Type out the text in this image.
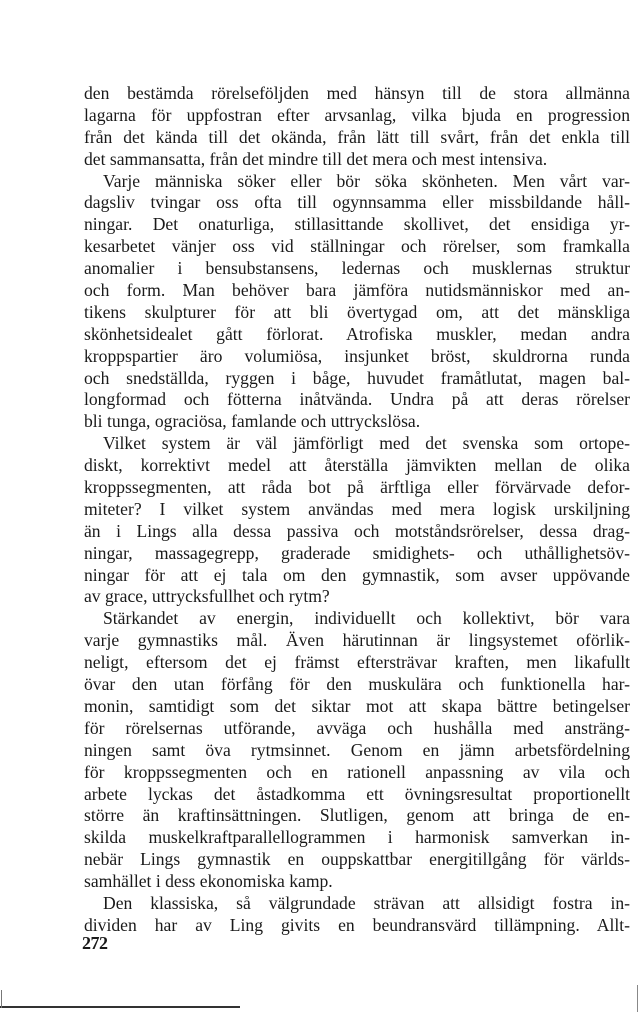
den bestämda rörelseföljden med hänsyn till de stora allmänna
lagarna för uppfostran efter arvsanlag, vilka bjuda en progression
från det kända till det okända, från lätt till svårt, från det enkla till
det sammansatta, från det mindre till det mera och mest intensiva.
Varje människa söker eller bör söka skönheten. Men vårt var-
dagsliv tvingar oss ofta till ogynnsamma eller missbildande håll-
ningar. Det onaturliga, stillasittande skollivet, det ensidiga yr-
kesarbetet vänjer oss vid ställningar och rörelser, som framkalla
anomalier i bensubstansens, ledernas och musklernas struktur
och form. Man behöver bara jämföra nutidsmänniskor med an-
tikens skulpturer för att bli övertygad om, att det mänskliga
skönhetsidealet gått förlorat. Atrofiska muskler, medan andra
kroppspartier äro volumiösa, insjunket bröst, skuldrorna runda
och snedställda, ryggen i båge, huvudet framåtlutat, magen bal-
longformad och fötterna inåtvända. Undra på att deras rörelser
bli tunga, ograciösa, famlande och uttryckslösa.
Vilket system är väl jämförligt med det svenska som ortope-
diskt, korrektivt medel att återställa jämvikten mellan de olika
kroppssegmenten, att råda bot på ärftliga eller förvärvade defor-
miteter? I vilket system användas med mera logisk urskiljning
än i Lings alla dessa passiva och motståndsrörelser, dessa drag-
ningar, massagegrepp, graderade smidighets- och uthållighetsöv-
ningar för att ej tala om den gymnastik, som avser uppövande
av grace, uttrycksfullhet och rytm?
Stärkandet av energin, individuellt och kollektivt, bör vara
varje gymnastiks mål. Även härutinnan är lingsystemet oförlik-
neligt, eftersom det ej främst eftersträvar kraften, men likafullt
övar den utan förfång för den muskulära och funktionella har-
monin, samtidigt som det siktar mot att skapa bättre betingelser
för rörelsernas utförande, avväga och hushålla med ansträng-
ningen samt öva rytmsinnet. Genom en jämn arbetsfördelning
för kroppssegmenten och en rationell anpassning av vila och
arbete lyckas det åstadkomma ett övningsresultat proportionellt
större än kraftinsättningen. Slutligen, genom att bringa de en-
skilda muskelkraftparallellogrammen i harmonisk samverkan in-
nebär Lings gymnastik en ouppskattbar energitillgång för världs-
samhället i dess ekonomiska kamp.
Den klassiska, så välgrundade strävan att allsidigt fostra in-
dividen har av Ling givits en beundransvärd tillämpning. Allt-
272
